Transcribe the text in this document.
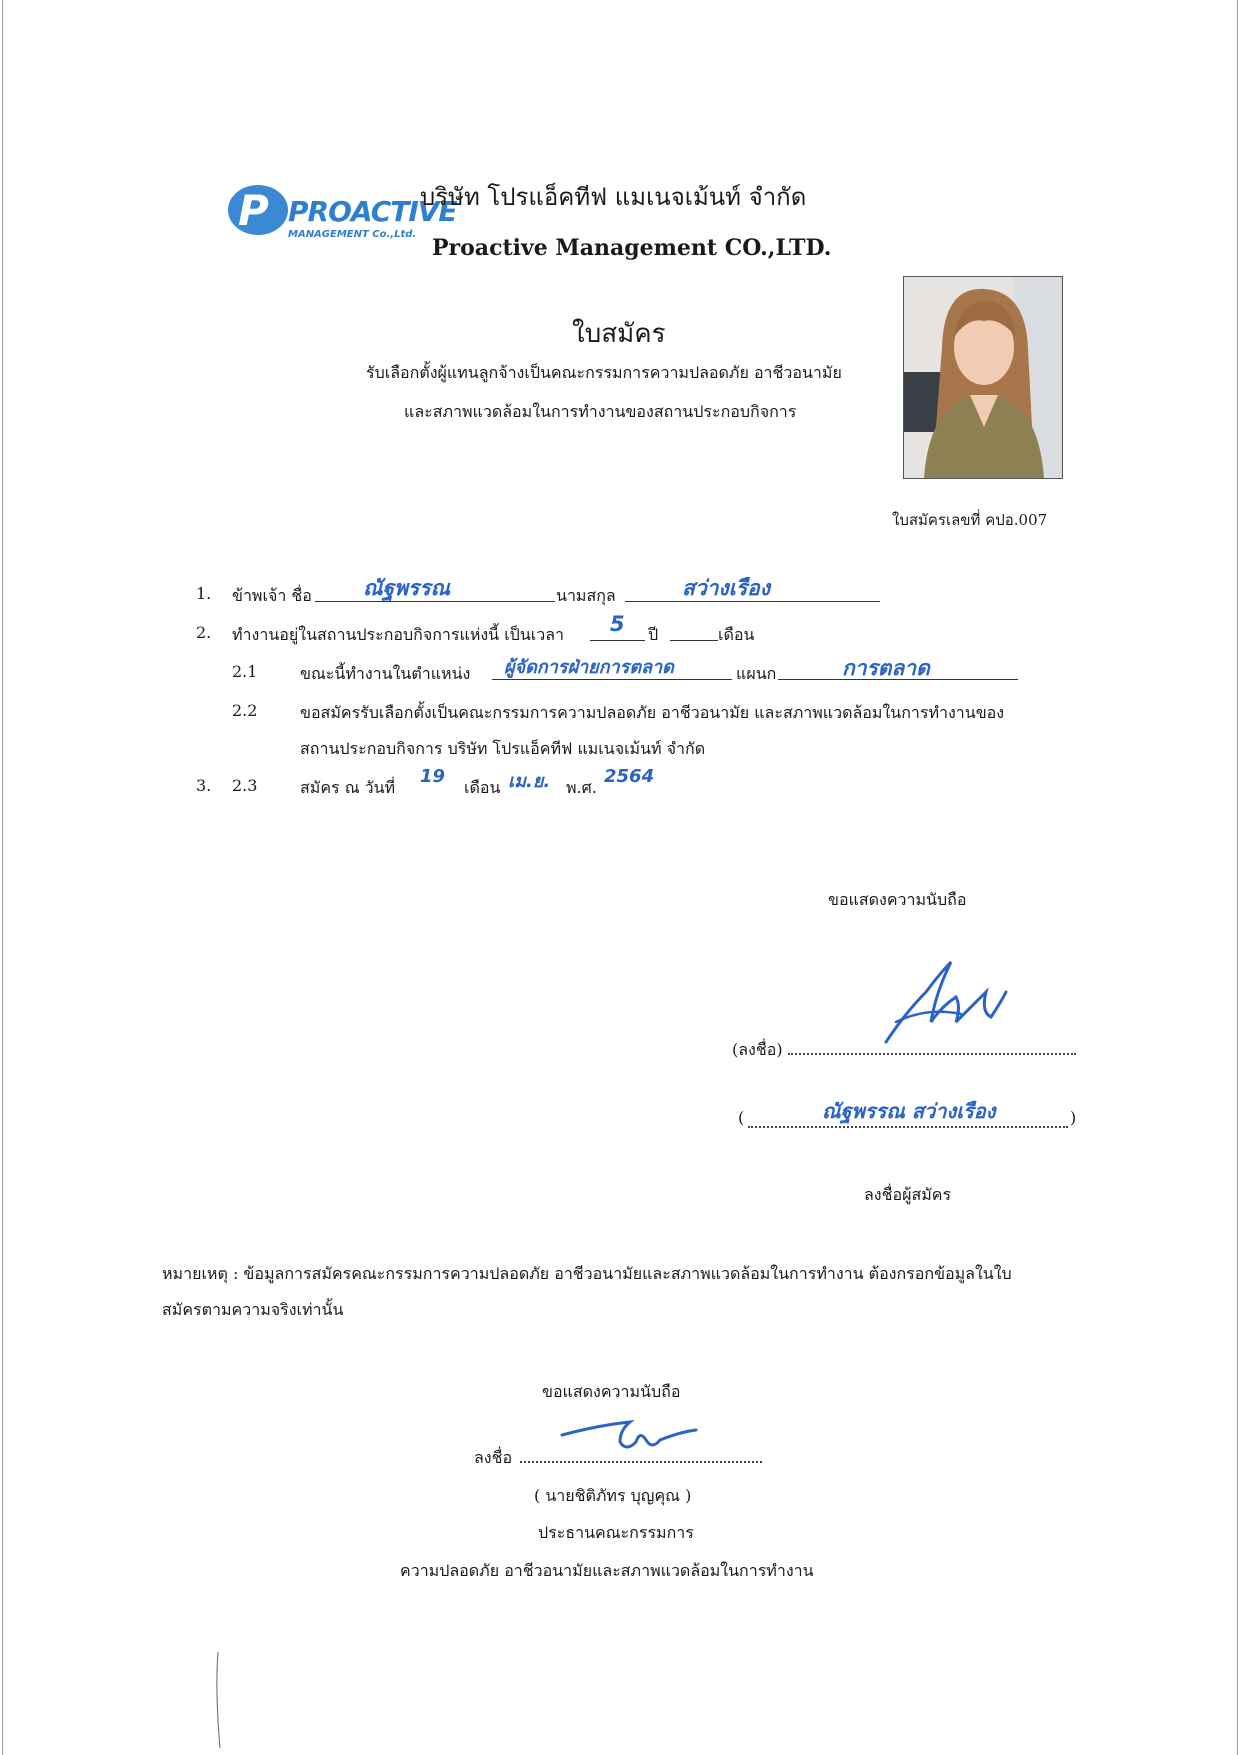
P PROACTIVE
MANAGEMENT Co.,Ltd.
บริษัท โปรแอ็คทีฟ แมเนจเม้นท์ จำกัด
Proactive Management CO.,LTD.
ใบสมัคร
รับเลือกตั้งผู้แทนลูกจ้างเป็นคณะกรรมการความปลอดภัย อาชีวอนามัย
และสภาพแวดล้อมในการทำงานของสถานประกอบกิจการ
ใบสมัครเลขที่ คปอ.007
1. ข้าพเจ้า ชื่อ ณัฐพรรณ	นามสกุล	สว่างเรือง
2. ทำงานอยู่ในสถานประกอบกิจการแห่งนี้ เป็นเวลา 5 ปี	เดือน
2.1	ขณะนี้ทำงานในตำแหน่ง ผู้จัดการฝ่ายการตลาด	แผนก	การตลาด
2.2	ขอสมัครรับเลือกตั้งเป็นคณะกรรมการความปลอดภัย อาชีวอนามัย และสภาพแวดล้อมในการทำงานของ
สถานประกอบกิจการ บริษัท โปรแอ็คทีฟ แมเนจเม้นท์ จำกัด
3. 2.3	สมัคร ณ วันที่
19
เดือน เม.ย. พ.ศ.
2564
ขอแสดงความนับถือ
(ลงชื่อ)
(	ณัฐพรรณ สว่างเรือง	)
ลงชื่อผู้สมัคร
หมายเหตุ : ข้อมูลการสมัครคณะกรรมการความปลอดภัย อาชีวอนามัยและสภาพแวดล้อมในการทำงาน ต้องกรอกข้อมูลในใบ
สมัครตามความจริงเท่านั้น
ขอแสดงความนับถือ
ลงชื่อ
( นายชิติภัทร บุญคุณ )
ประธานคณะกรรมการ
ความปลอดภัย อาชีวอนามัยและสภาพแวดล้อมในการทำงาน
